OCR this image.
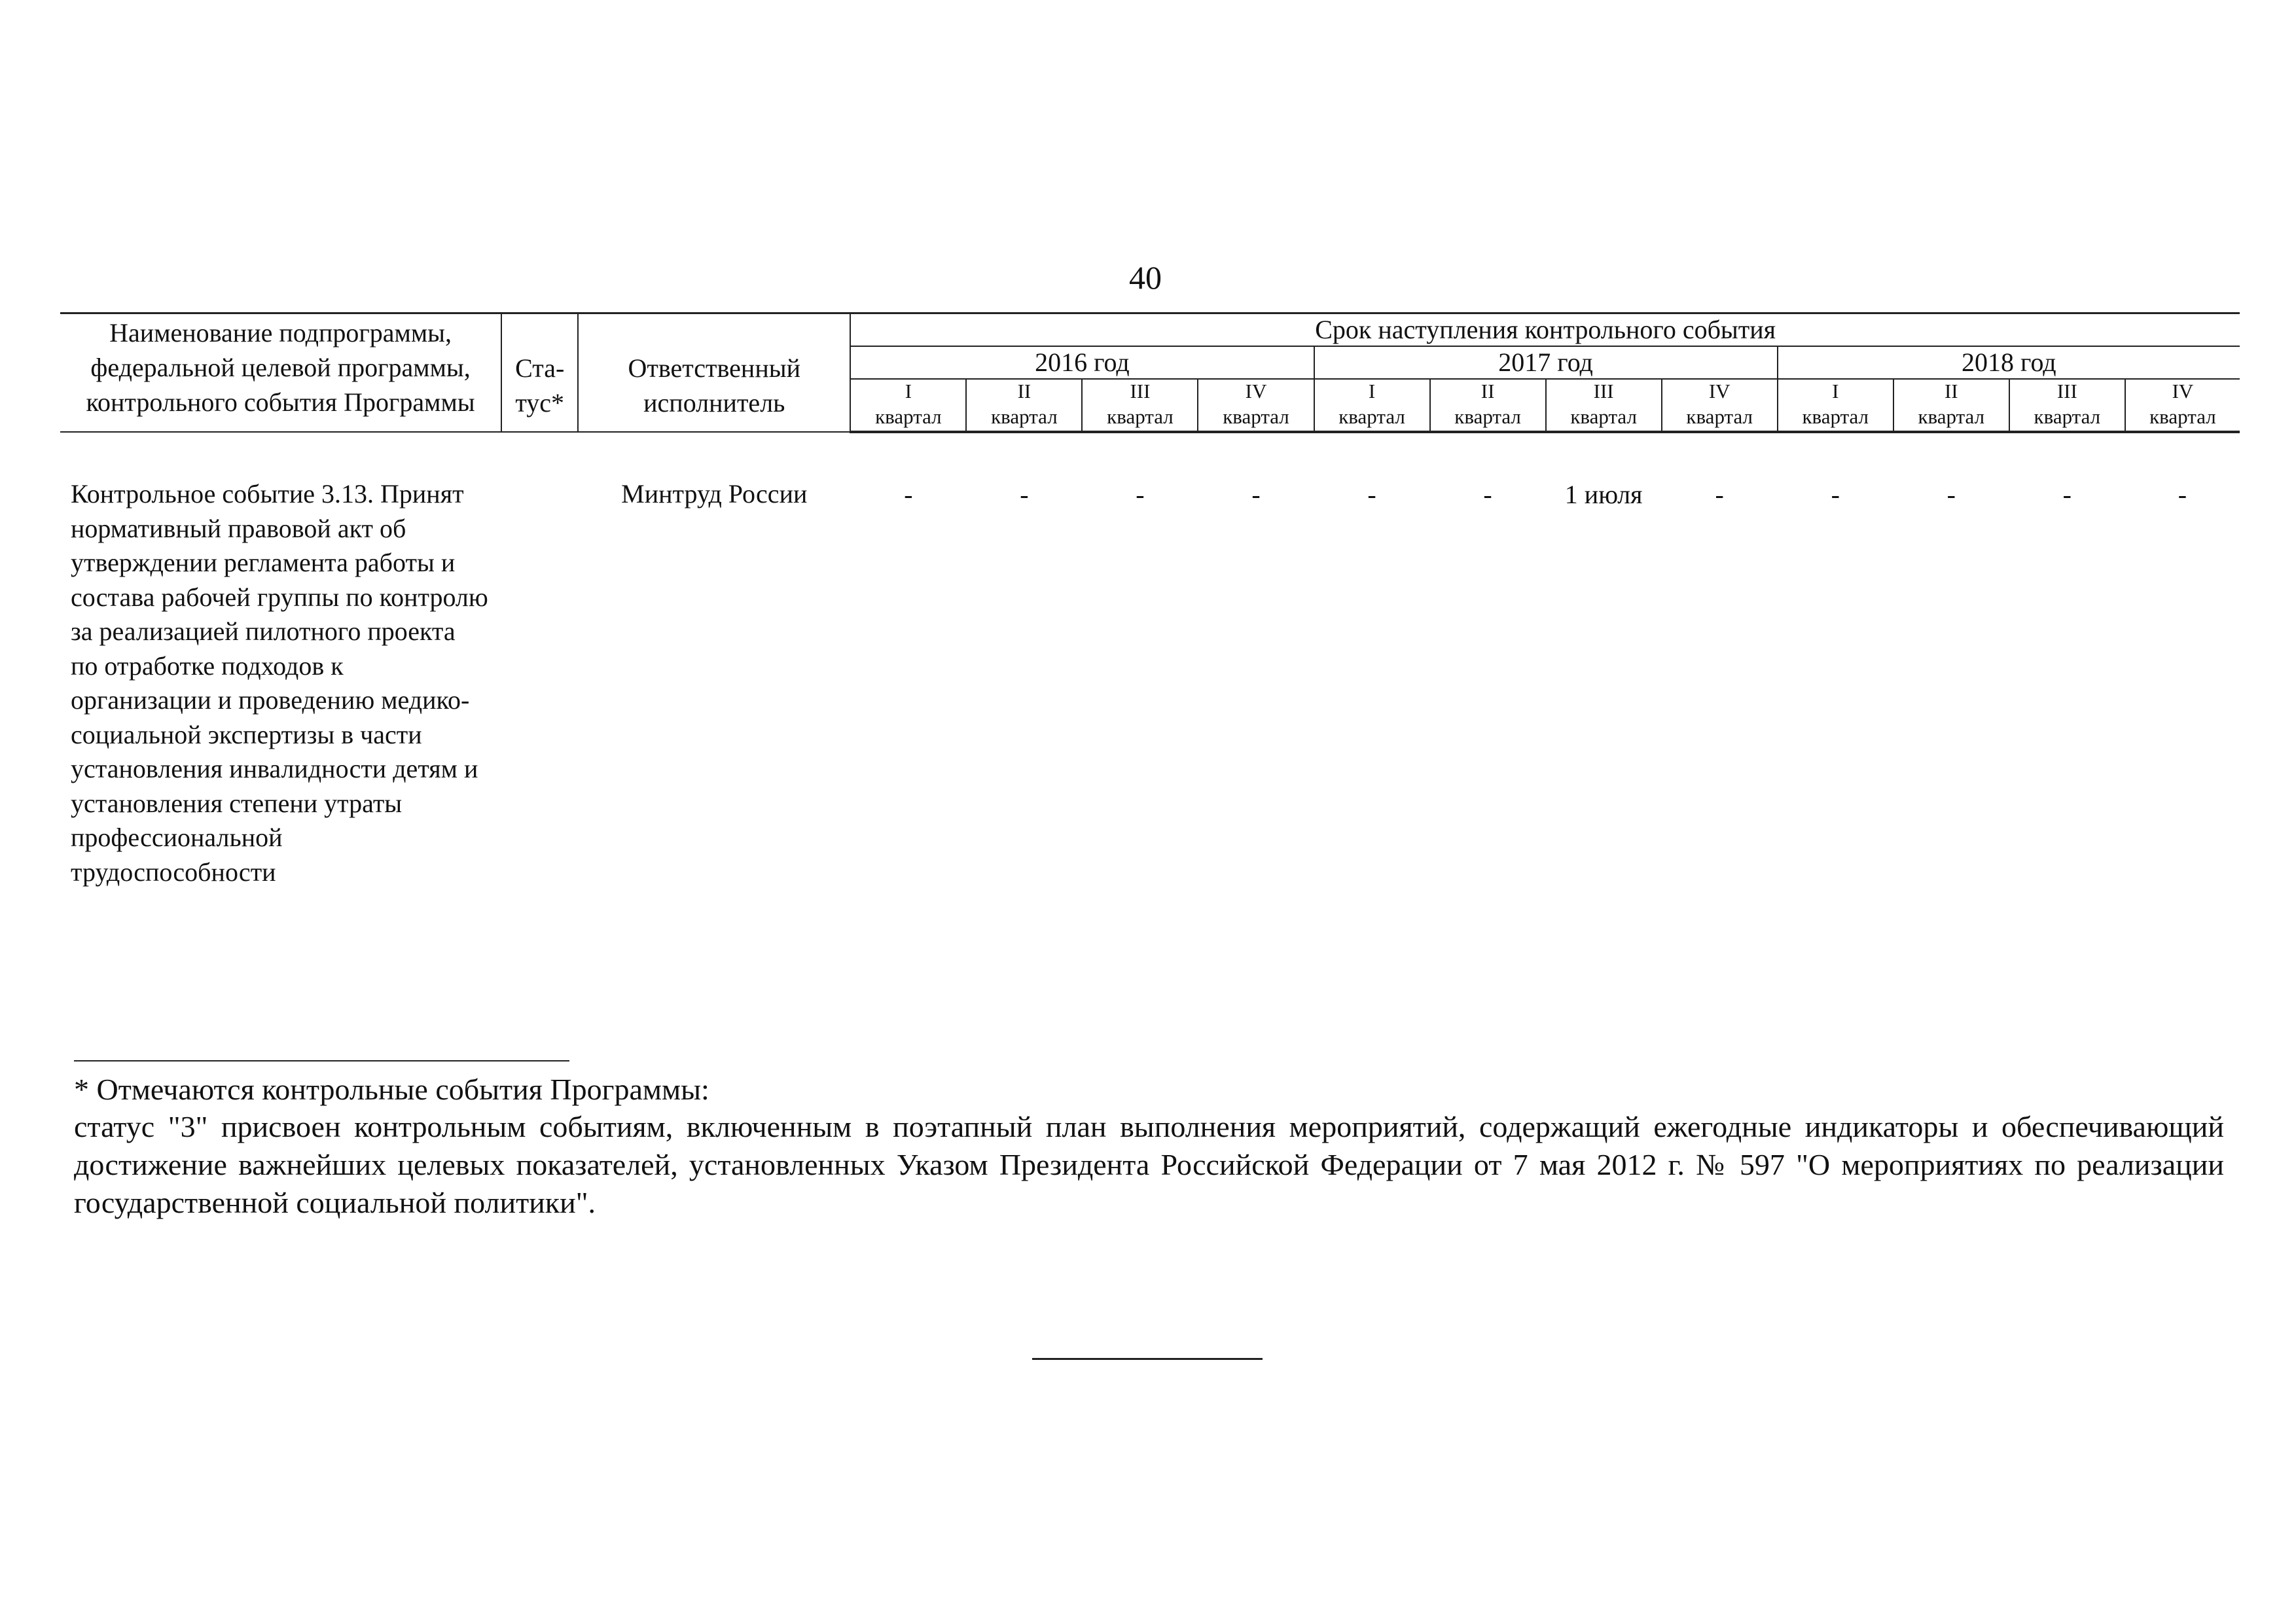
40
Наименование подпрограммы, федеральной целевой программы, контрольного события Программы	Ста-тус*	Ответственный исполнитель	Срок наступления контрольного события											
			2016 год				2017 год				2018 год			
			I	II	III	IV	I	II	III	IV	I	II	III	IV
			квартал	квартал	квартал	квартал	квартал	квартал	квартал	квартал	квартал	квартал	квартал	квартал
Контрольное событие 3.13. Принят нормативный правовой акт об утверждении регламента работы и состава рабочей группы по контролю за реализацией пилотного проекта по отработке подходов к организации и проведению медико-социальной экспертизы в части установления инвалидности детям и установления степени утраты профессиональной трудоспособности		Минтруд России	-	-	-	-	-	-	1 июля	-	-	-	-	-
* Отмечаются контрольные события Программы:
статус "3" присвоен контрольным событиям, включенным в поэтапный план выполнения мероприятий, содержащий ежегодные индикаторы и обеспечивающий достижение важнейших целевых показателей, установленных Указом Президента Российской Федерации от 7 мая 2012 г. № 597 "О мероприятиях по реализации государственной социальной политики".
